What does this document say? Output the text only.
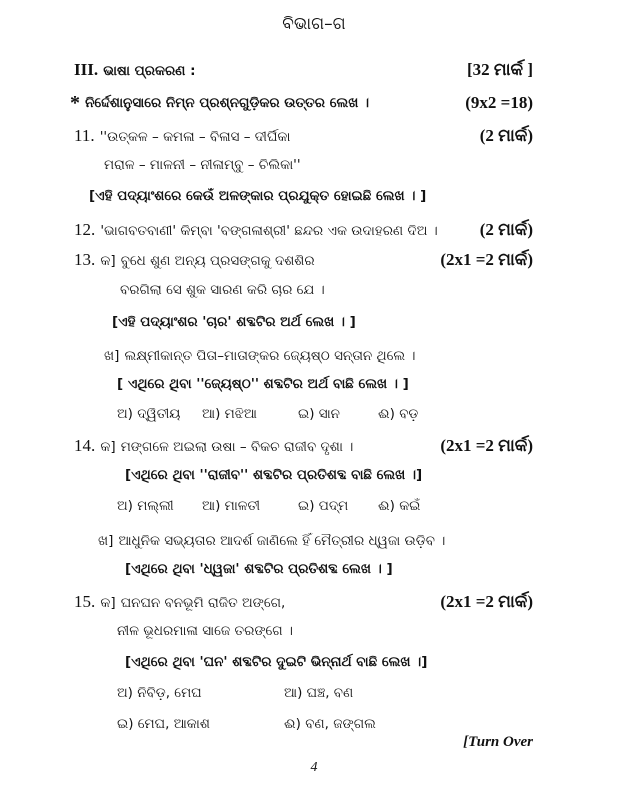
ବିଭାଗ–ଗ
III. ଭାଷା ପ୍ରକରଣ :	[32 ମାର୍କ ]
* ନିର୍ଦ୍ଦେଶାନୁସାରେ ନିମ୍ନ ପ୍ରଶ୍ନଗୁଡ଼ିକର ଉତ୍ତର ଲେଖ ।	(9x2 =18)
11. ''ଉତ୍କଳ – କମଳା – ବିଳାସ – ଦୀର୍ଘିକା	(2 ମାର୍କ)
ମରାଳ – ମାଳନୀ – ନୀଳାମ୍ବୁ – ଚିଲିକା''
[ଏହି ପଦ୍ୟାଂଶରେ କେଉଁ ଅଳଙ୍କାର ପ୍ରଯୁକ୍ତ ହୋଇଛି ଲେଖ । ]
12. 'ଭାଗବତବାଣୀ' କିମ୍ବା 'ବଙ୍ଗଳାଶ୍ରୀ' ଛନ୍ଦର ଏକ ଉଦାହରଣ ଦିଅ । (2 ମାର୍କ)
13. କ] ବୁଧେ ଶୁଣ ଅନ୍ୟ ପ୍ରସଙ୍ଗକୁ ଦଶଶିର	(2x1 =2 ମାର୍କ)
ବରଗିଲା ସେ ଶୁକ ସାରଣ କରି ଚାର ଯେ ।
[ଏହି ପଦ୍ୟାଂଶର 'ଚାର' ଶବ୍ଦଟିର ଅର୍ଥ ଲେଖ । ]
ଖ] ଲକ୍ଷ୍ମୀକାନ୍ତ ପିତା–ମାତାଙ୍କର ଜ୍ୟେଷ୍ଠ ସନ୍ତାନ ଥିଲେ ।
[ ଏଥିରେ ଥିବା ''ଜ୍ୟେଷ୍ଠ'' ଶବ୍ଦଟିର ଅର୍ଥ ବାଛି ଲେଖ । ]
ଅ) ଦ୍ୱିତୀୟ ଆ) ମଝିଆ	ଇ) ସାନ	ଈ) ବଡ଼
14. କ] ମଙ୍ଗଳେ ଅଇଲା ଉଷା – ବିକଚ ରାଜୀବ ଦୃଶା ।	(2x1 =2 ମାର୍କ)
[ଏଥିରେ ଥିବା ''ରାଜୀବ'' ଶବ୍ଦଟିର ପ୍ରତିଶବ୍ଦ ବାଛି ଲେଖ ।]
ଅ) ମଲ୍ଲୀ ଆ) ମାଳତୀ	ଇ) ପଦ୍ମ ଈ) କଇଁ
ଖ] ଆଧୁନିକ ସଭ୍ୟତାର ଆଦର୍ଶ ଜାଣିଲେ ହିଁ ମୈତ୍ରୀର ଧ୍ୱଜା ଉଡ଼ିବ ।
[ଏଥିରେ ଥିବା 'ଧ୍ୱଜା' ଶବ୍ଦଟିର ପ୍ରତିଶବ୍ଦ ଲେଖ । ]
15. କ] ଘନଘନ ବନଭୂମି ରାଜିତ ଅଙ୍ଗେ,	(2x1 =2 ମାର୍କ)
ନୀଳ ଭୂଧରମାଳା ସାଜେ ତରଙ୍ଗେ ।
[ଏଥିରେ ଥିବା 'ଘନ' ଶବ୍ଦଟିର ଦୁଇଟି ଭିନ୍ନାର୍ଥ ବାଛି ଲେଖ ।]
ଅ) ନିବିଡ଼, ମେଘ	ଆ) ଘଞ୍ଚ, ବଣ
ଇ) ମେଘ, ଆକାଶ	ଈ) ବଣ, ଜଙ୍ଗଲ
[Turn Over
4
